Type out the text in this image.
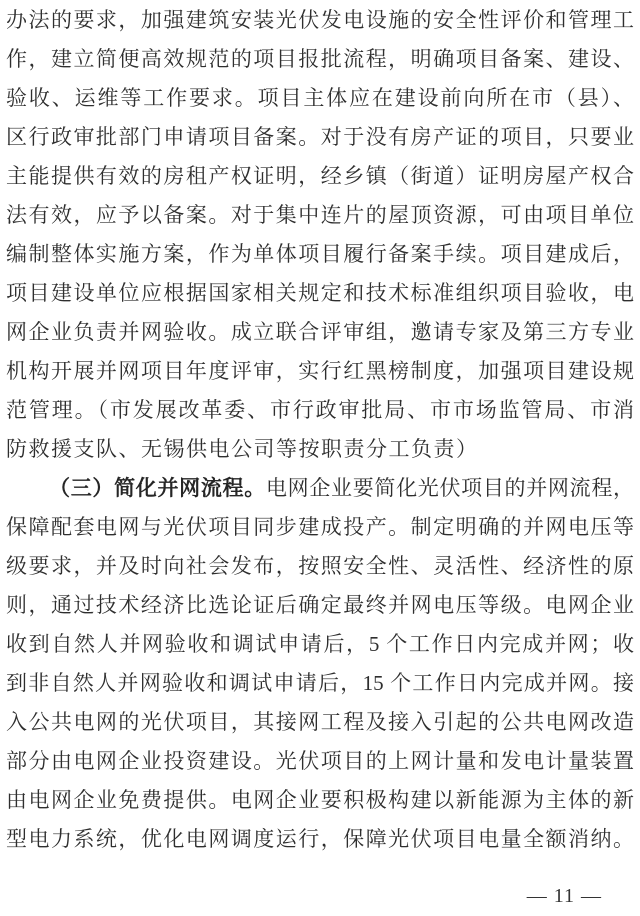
办法的要求，加强建筑安装光伏发电设施的安全性评价和管理工
作，建立简便高效规范的项目报批流程，明确项目备案、建设、
验收、运维等工作要求。项目主体应在建设前向所在市（县）、
区行政审批部门申请项目备案。对于没有房产证的项目，只要业
主能提供有效的房租产权证明，经乡镇（街道）证明房屋产权合
法有效，应予以备案。对于集中连片的屋顶资源，可由项目单位
编制整体实施方案，作为单体项目履行备案手续。项目建成后，
项目建设单位应根据国家相关规定和技术标准组织项目验收，电
网企业负责并网验收。成立联合评审组，邀请专家及第三方专业
机构开展并网项目年度评审，实行红黑榜制度，加强项目建设规
范管理。（市发展改革委、市行政审批局、市市场监管局、市消
防救援支队、无锡供电公司等按职责分工负责）
（三）简化并网流程。电网企业要简化光伏项目的并网流程，
保障配套电网与光伏项目同步建成投产。制定明确的并网电压等
级要求，并及时向社会发布，按照安全性、灵活性、经济性的原
则，通过技术经济比选论证后确定最终并网电压等级。电网企业
收到自然人并网验收和调试申请后，5 个工作日内完成并网；收
到非自然人并网验收和调试申请后，15 个工作日内完成并网。接
入公共电网的光伏项目，其接网工程及接入引起的公共电网改造
部分由电网企业投资建设。光伏项目的上网计量和发电计量装置
由电网企业免费提供。电网企业要积极构建以新能源为主体的新
型电力系统，优化电网调度运行，保障光伏项目电量全额消纳。
— 11 —
